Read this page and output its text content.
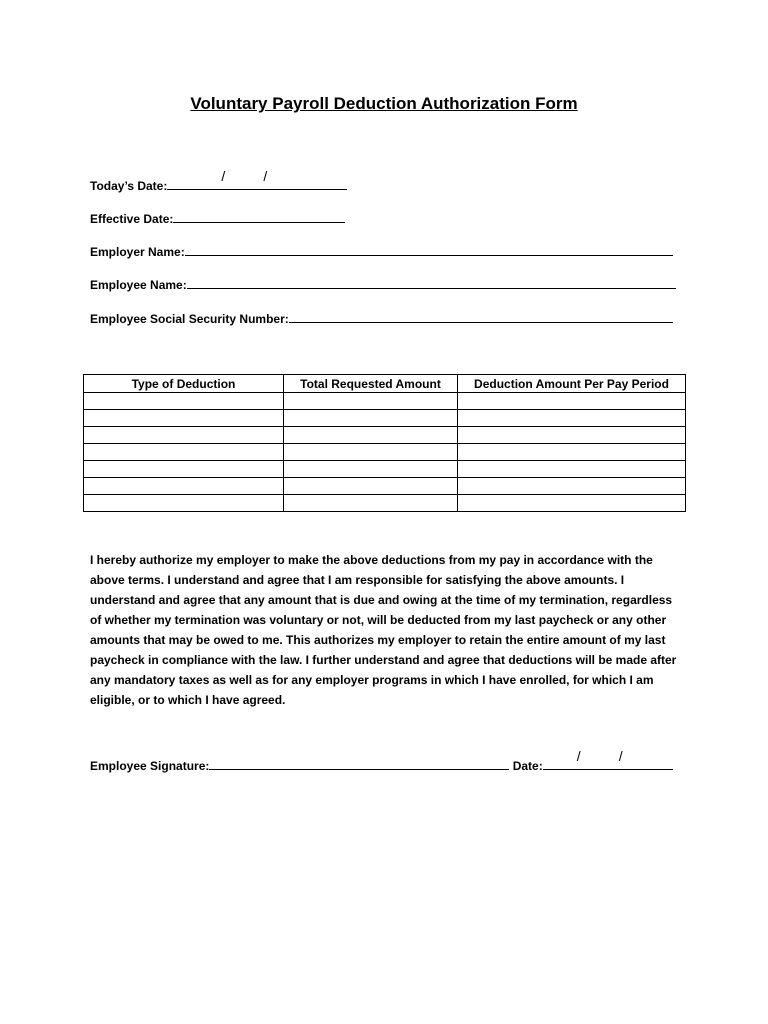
Voluntary Payroll Deduction Authorization Form
Today’s Date:
/	/
Effective Date:
Employer Name:
Employee Name:
Employee Social Security Number:
Type of Deduction	Total Requested Amount	Deduction Amount Per Pay Period

I hereby authorize my employer to make the above deductions from my pay in accordance with the
above terms. I understand and agree that I am responsible for satisfying the above amounts. I
understand and agree that any amount that is due and owing at the time of my termination, regardless
of whether my termination was voluntary or not, will be deducted from my last paycheck or any other
amounts that may be owed to me. This authorizes my employer to retain the entire amount of my last
paycheck in compliance with the law. I further understand and agree that deductions will be made after
any mandatory taxes as well as for any employer programs in which I have enrolled, for which I am
eligible, or to which I have agreed.
Employee Signature:	Date:
/	/
